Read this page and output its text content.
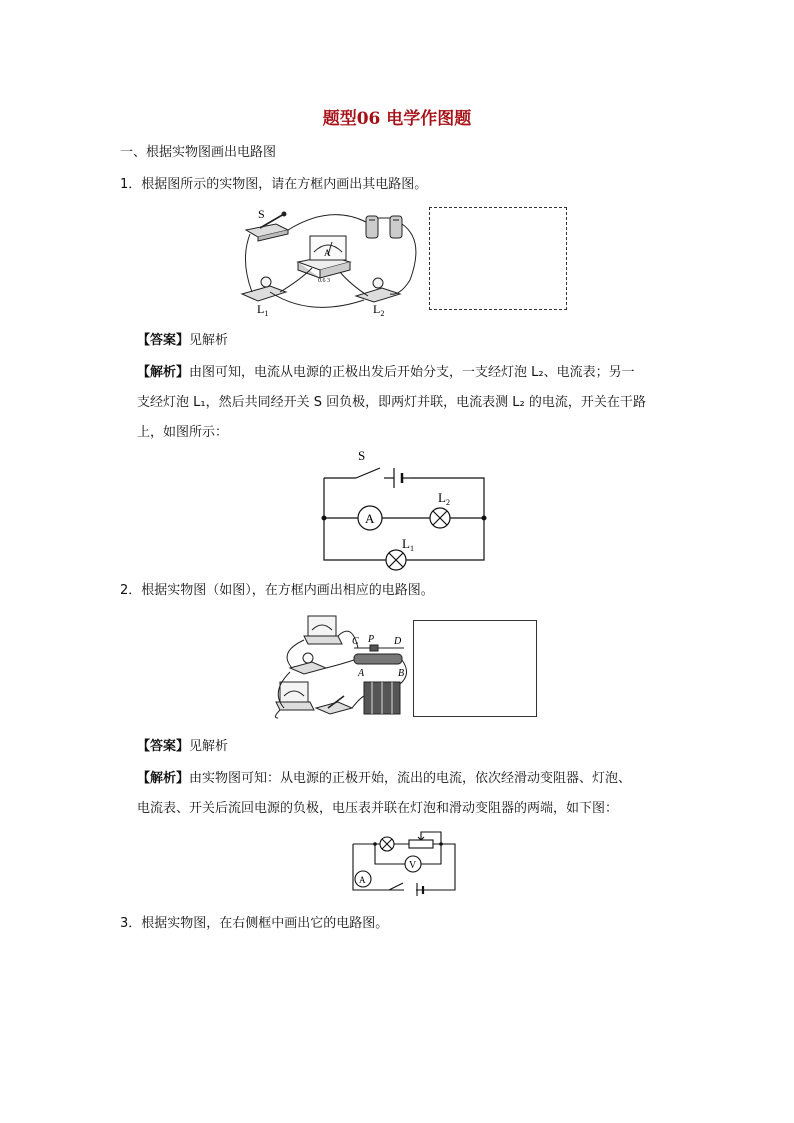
题型06 电学作图题
一、根据实物图画出电路图
1．根据图所示的实物图，请在方框内画出其电路图。
S
A
0.6 3
$L_1$	$L_2$
【答案】见解析
【解析】由图可知，电流从电源的正极出发后开始分支，一支经灯泡 L₂、电流表；另一
支经灯泡 L₁，然后共同经开关 S 回负极，即两灯并联，电流表测 L₂ 的电流，开关在干路
上，如图所示：
S
A
$L_2$
$L_1$
2．根据实物图（如图），在方框内画出相应的电路图。
C P D
A	B
【答案】见解析
【解析】由实物图可知：从电源的正极开始，流出的电流，依次经滑动变阻器、灯泡、
电流表、开关后流回电源的负极，电压表并联在灯泡和滑动变阻器的两端，如下图：
V
A
3．根据实物图，在右侧框中画出它的电路图。
